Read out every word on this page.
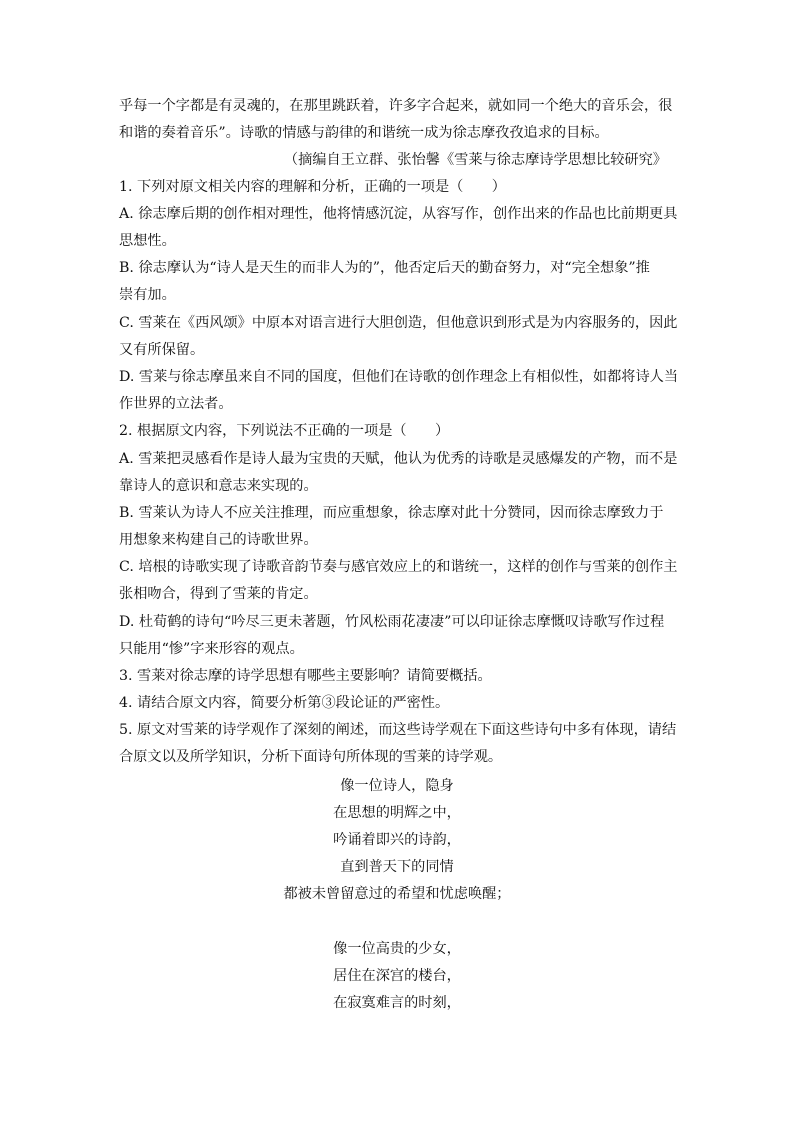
乎每一个字都是有灵魂的，在那里跳跃着，许多字合起来，就如同一个绝大的音乐会，很
和谐的奏着音乐”。诗歌的情感与韵律的和谐统一成为徐志摩孜孜追求的目标。
（摘编自王立群、张怡馨《雪莱与徐志摩诗学思想比较研究》
1. 下列对原文相关内容的理解和分析，正确的一项是（　　）
A. 徐志摩后期的创作相对理性，他将情感沉淀，从容写作，创作出来的作品也比前期更具
思想性。
B. 徐志摩认为“诗人是天生的而非人为的”，他否定后天的勤奋努力，对“完全想象”推
崇有加。
C. 雪莱在《西风颂》中原本对语言进行大胆创造，但他意识到形式是为内容服务的，因此
又有所保留。
D. 雪莱与徐志摩虽来自不同的国度，但他们在诗歌的创作理念上有相似性，如都将诗人当
作世界的立法者。
2. 根据原文内容，下列说法不正确的一项是（　　）
A. 雪莱把灵感看作是诗人最为宝贵的天赋，他认为优秀的诗歌是灵感爆发的产物，而不是
靠诗人的意识和意志来实现的。
B. 雪莱认为诗人不应关注推理，而应重想象，徐志摩对此十分赞同，因而徐志摩致力于
用想象来构建自己的诗歌世界。
C. 培根的诗歌实现了诗歌音韵节奏与感官效应上的和谐统一，这样的创作与雪莱的创作主
张相吻合，得到了雪莱的肯定。
D. 杜荀鹤的诗句“吟尽三更未著题，竹风松雨花凄凄”可以印证徐志摩慨叹诗歌写作过程
只能用“惨”字来形容的观点。
3. 雪莱对徐志摩的诗学思想有哪些主要影响？请简要概括。
4. 请结合原文内容，简要分析第③段论证的严密性。
5. 原文对雪莱的诗学观作了深刻的阐述，而这些诗学观在下面这些诗句中多有体现，请结
合原文以及所学知识，分析下面诗句所体现的雪莱的诗学观。
像一位诗人，隐身
在思想的明辉之中，
吟诵着即兴的诗韵，
直到普天下的同情
都被未曾留意过的希望和忧虑唤醒；
像一位高贵的少女，
居住在深宫的楼台，
在寂寞难言的时刻，
